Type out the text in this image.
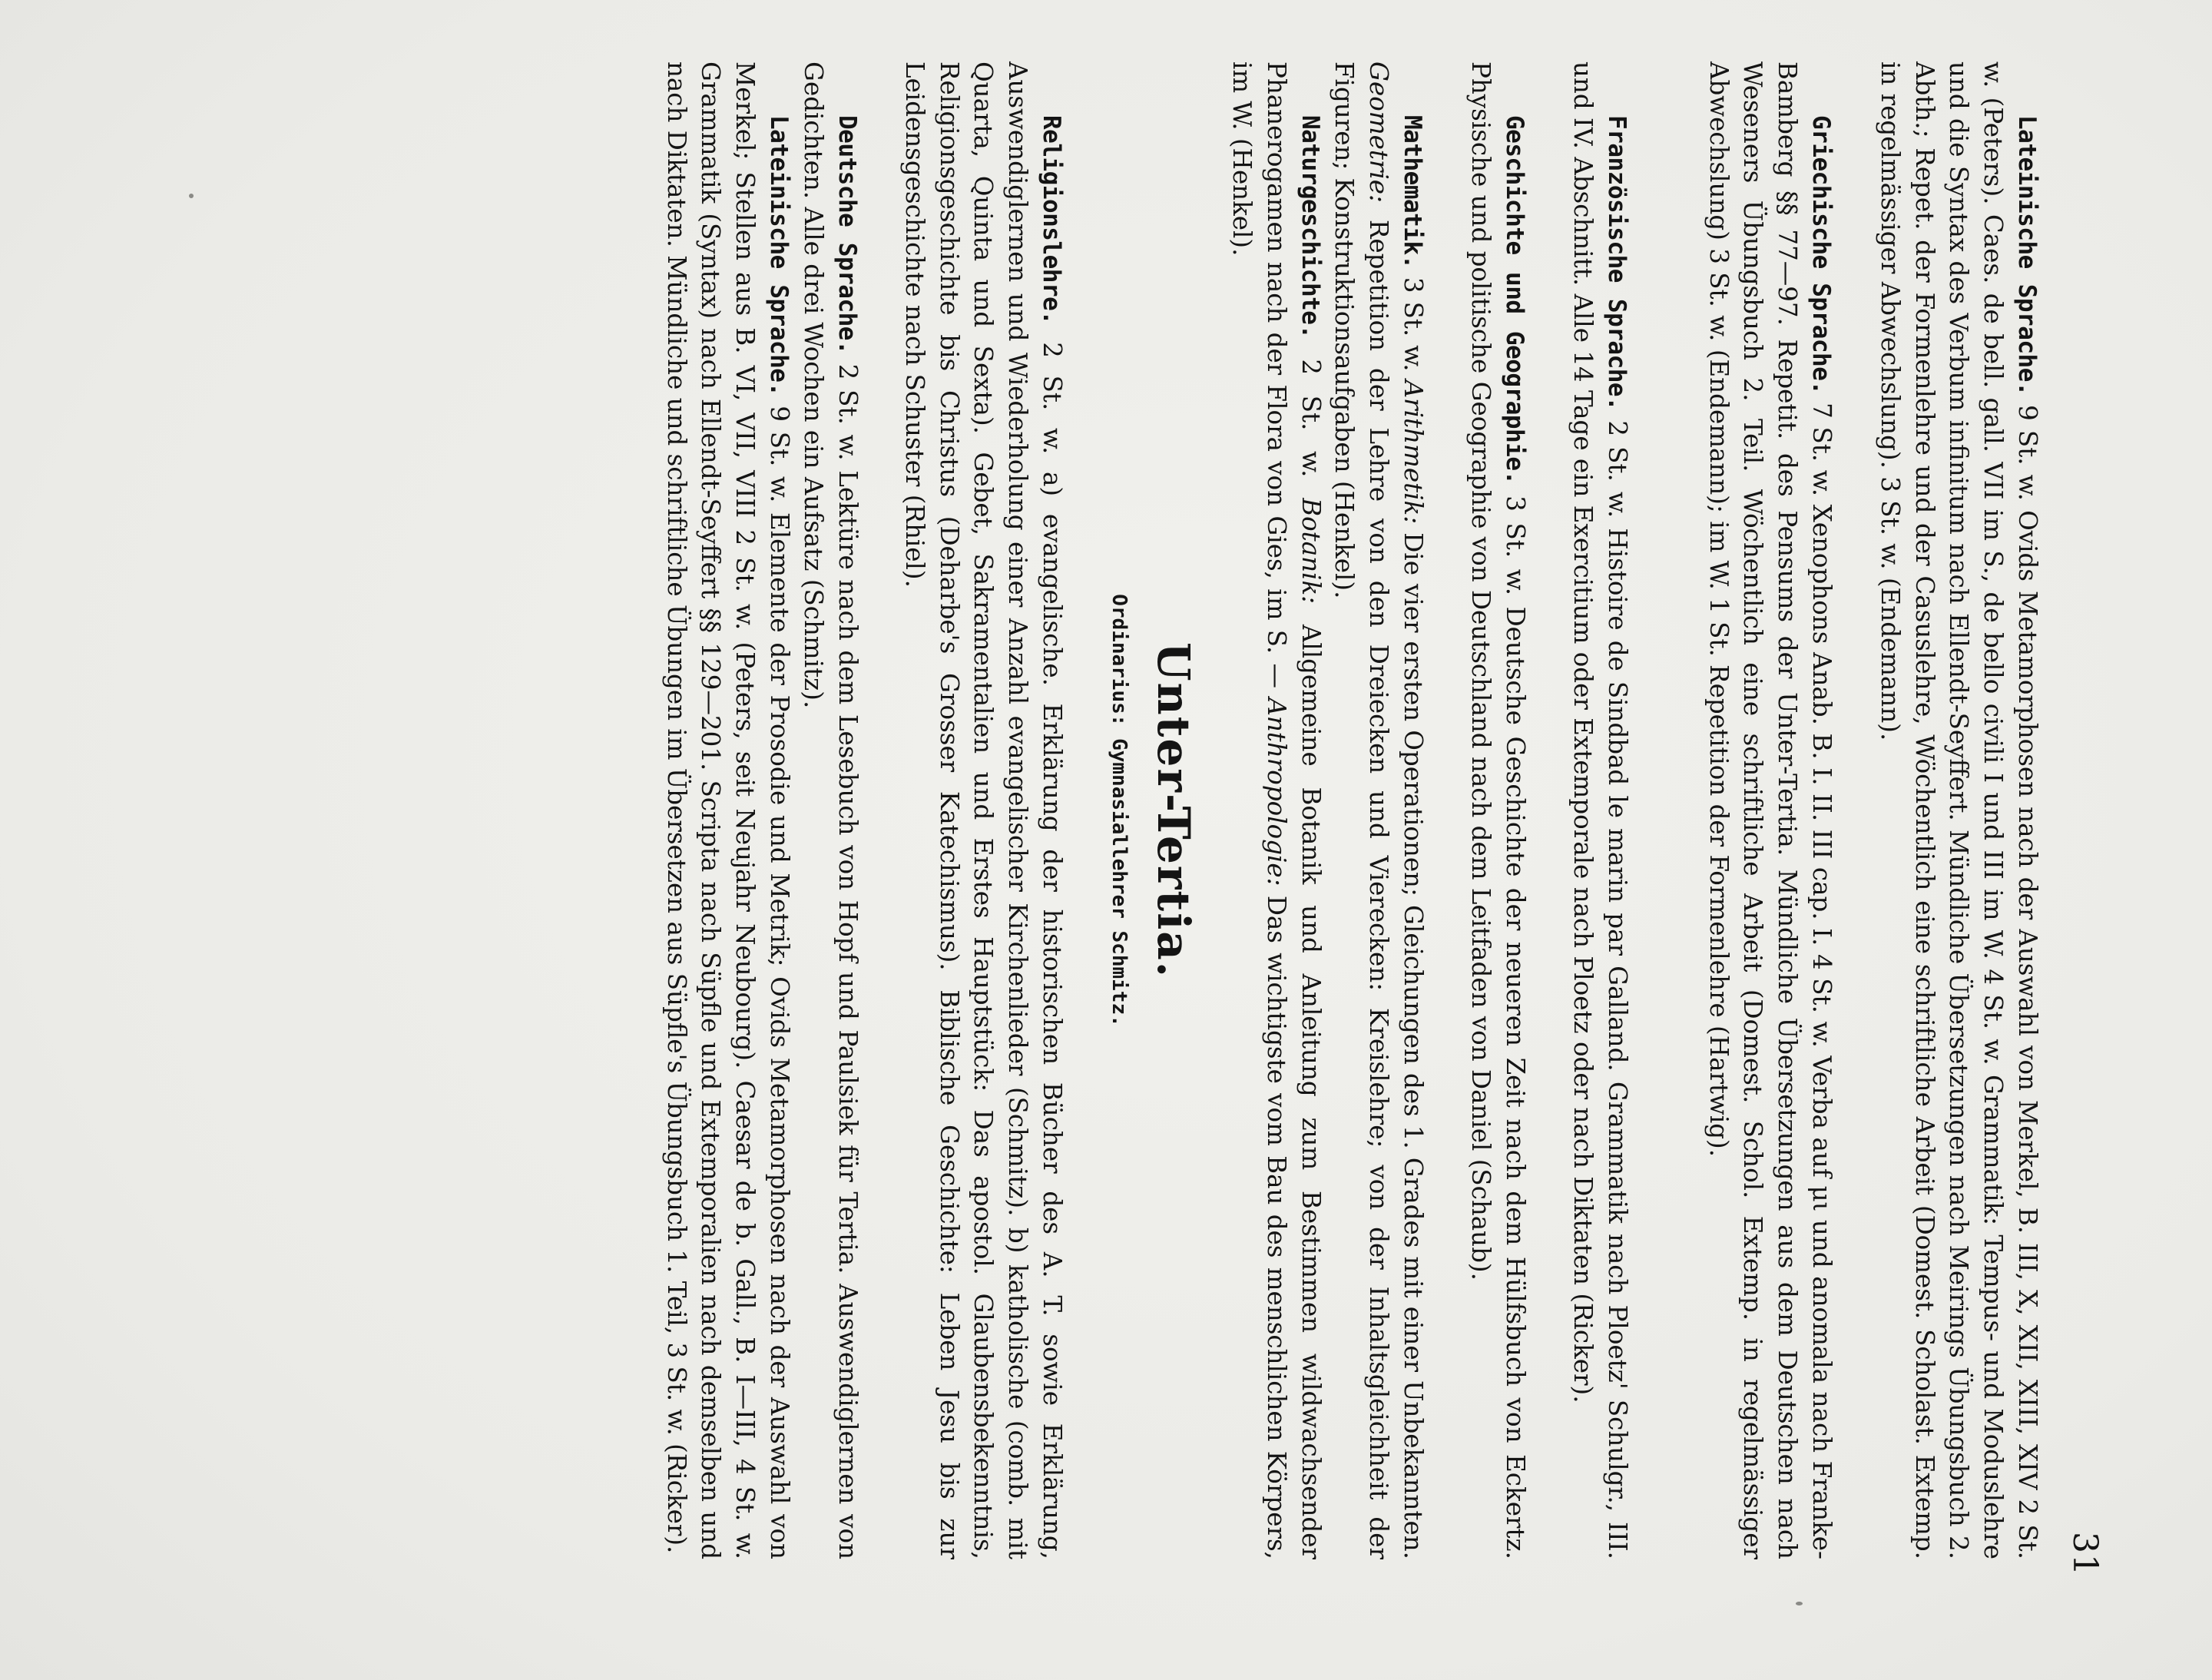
31
Lateinische Sprache. 9 St. w. Ovids Metamorphosen nach der Auswahl von Merkel, B. III, X, XII, XIII, XIV 2 St. w. (Peters). Caes. de bell. gall. VII im S., de bello civili I und III im W. 4 St. w. Grammatik: Tempus- und Moduslehre und die Syntax des Verbum infinitum nach Ellendt-Seyffert. Mündliche Übersetzungen nach Meirings Übungsbuch 2. Abth.; Repet. der Formenlehre und der Casuslehre, Wöchentlich eine schriftliche Arbeit (Domest. Scholast. Extemp. in regelmässiger Abwechslung). 3 St. w. (Endemann).
Griechische Sprache. 7 St. w. Xenophons Anab. B. I. II. III cap. I. 4 St. w. Verba auf μι und anomala nach Franke-Bamberg §§ 77—97. Repetit. des Pensums der Unter-Tertia. Mündliche Übersetzungen aus dem Deutschen nach Weseners Übungsbuch 2. Teil. Wöchentlich eine schriftliche Arbeit (Domest. Schol. Extemp. in regelmässiger Abwechslung) 3 St. w. (Endemann); im W. 1 St. Repetition der Formenlehre (Hartwig).
Französische Sprache. 2 St. w. Histoire de Sindbad le marin par Galland. Grammatik nach Ploetz' Schulgr., III. und IV. Abschnitt. Alle 14 Tage ein Exercitium oder Extemporale nach Ploetz oder nach Diktaten (Ricker).
Geschichte und Geographie. 3 St. w. Deutsche Geschichte der neueren Zeit nach dem Hülfsbuch von Eckertz. Physische und politische Geographie von Deutschland nach dem Leitfaden von Daniel (Schaub).
Mathematik. 3 St. w. Arithmetik: Die vier ersten Operationen; Gleichungen des 1. Grades mit einer Unbekannten. Geometrie: Repetition der Lehre von den Dreiecken und Vierecken: Kreislehre; von der Inhaltsgleichheit der Figuren; Konstruktionsaufgaben (Henkel).
Naturgeschichte. 2 St. w. Botanik: Allgemeine Botanik und Anleitung zum Bestimmen wildwachsender Phanerogamen nach der Flora von Gies, im S. — Anthropologie: Das wichtigste vom Bau des menschlichen Körpers, im W. (Henkel).
Unter-Tertia.
Ordinarius: Gymnasiallehrer Schmitz.
Religionslehre. 2 St. w. a) evangelische. Erklärung der historischen Bücher des A. T. sowie Erklärung, Auswendiglernen und Wiederholung einer Anzahl evangelischer Kirchenlieder (Schmitz). b) katholische (comb. mit Quarta, Quinta und Sexta). Gebet, Sakramentalien und Erstes Hauptstück: Das apostol. Glaubensbekenntnis, Religionsgeschichte bis Christus (Deharbe's Grosser Katechismus). Biblische Geschichte: Leben Jesu bis zur Leidensgeschichte nach Schuster (Rhiel).
Deutsche Sprache. 2 St. w. Lektüre nach dem Lesebuch von Hopf und Paulsiek für Tertia. Auswendiglernen von Gedichten. Alle drei Wochen ein Aufsatz (Schmitz).
Lateinische Sprache. 9 St. w. Elemente der Prosodie und Metrik; Ovids Metamorphosen nach der Auswahl von Merkel; Stellen aus B. VI, VII, VIII 2 St. w. (Peters, seit Neujahr Neubourg). Caesar de b. Gall., B. I—III, 4 St. w. Grammatik (Syntax) nach Ellendt-Seyffert §§ 129—201. Scripta nach Süpfle und Extemporalien nach demselben und nach Diktaten. Mündliche und schriftliche Übungen im Übersetzen aus Süpfle's Übungsbuch 1. Teil, 3 St. w. (Ricker).
